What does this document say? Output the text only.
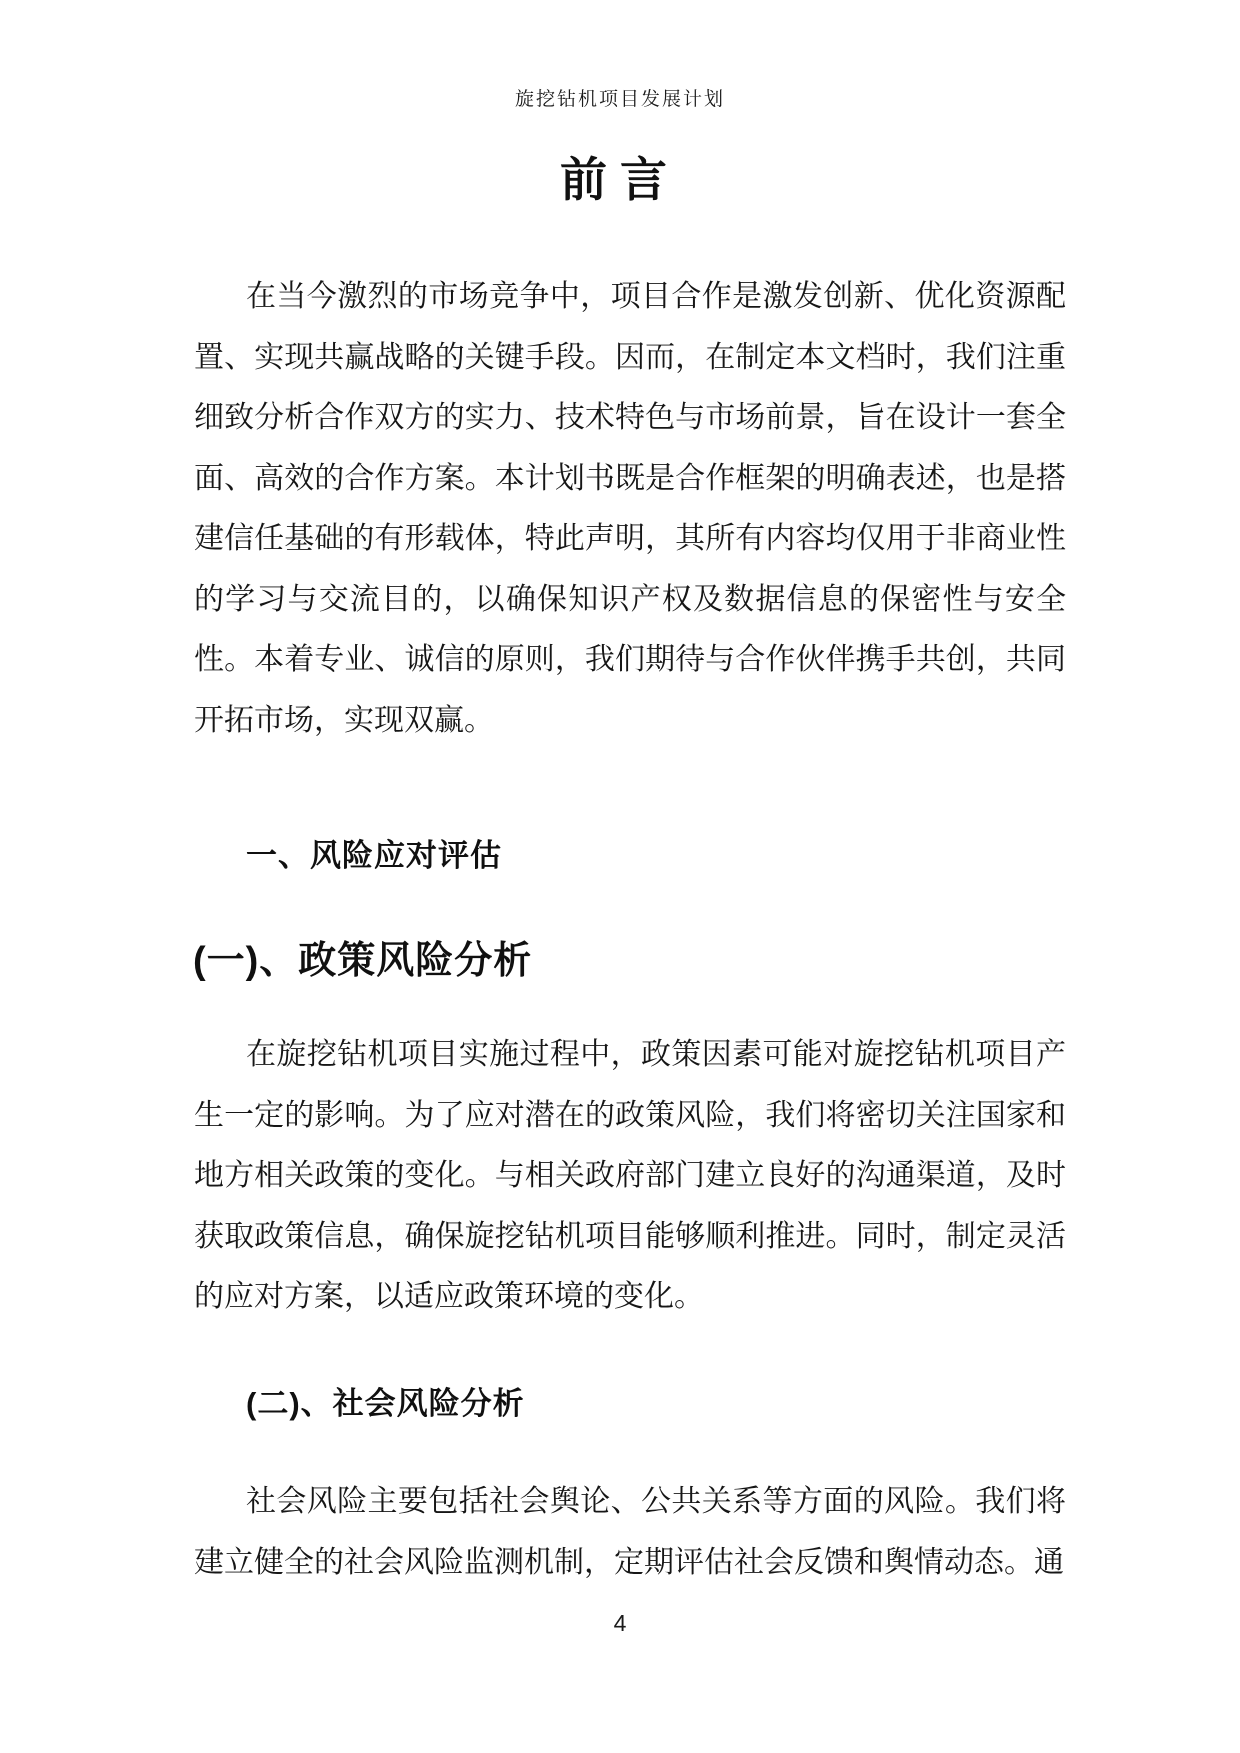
旋挖钻机项目发展计划
前言
在当今激烈的市场竞争中，项目合作是激发创新、优化资源配置、实现共赢战略的关键手段。因而，在制定本文档时，我们注重细致分析合作双方的实力、技术特色与市场前景，旨在设计一套全面、高效的合作方案。本计划书既是合作框架的明确表述，也是搭建信任基础的有形载体，特此声明，其所有内容均仅用于非商业性的学习与交流目的，以确保知识产权及数据信息的保密性与安全性。本着专业、诚信的原则，我们期待与合作伙伴携手共创，共同开拓市场，实现双赢。
一、风险应对评估
(一)、政策风险分析
在旋挖钻机项目实施过程中，政策因素可能对旋挖钻机项目产生一定的影响。为了应对潜在的政策风险，我们将密切关注国家和地方相关政策的变化。与相关政府部门建立良好的沟通渠道，及时获取政策信息，确保旋挖钻机项目能够顺利推进。同时，制定灵活的应对方案，以适应政策环境的变化。
(二)、社会风险分析
社会风险主要包括社会舆论、公共关系等方面的风险。我们将建立健全的社会风险监测机制，定期评估社会反馈和舆情动态。通
4
